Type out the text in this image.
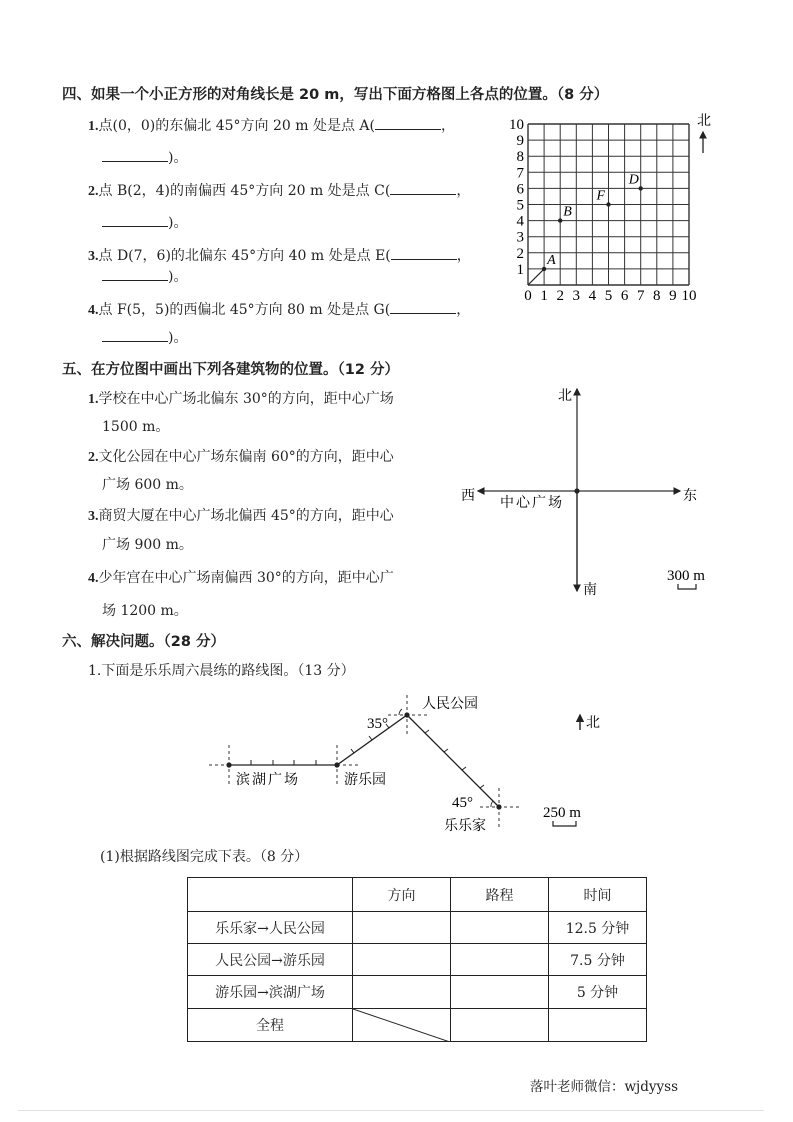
四、如果一个小正方形的对角线长是 20 m，写出下面方格图上各点的位置。（8 分）
1.点(0，0)的东偏北 45°方向 20 m 处是点 A(	，
)。
2.点 B(2，4)的南偏西 45°方向 20 m 处是点 C(	，
)。
3.点 D(7，6)的北偏东 45°方向 40 m 处是点 E(	，
)。
4.点 F(5，5)的西偏北 45°方向 80 m 处是点 G(	，
)。
0 1 2 3 4 5 6 7 8 9 10
1
2
3
4
5
6
7
8
9
10
A
B
F
D
北
五、在方位图中画出下列各建筑物的位置。（12 分）
1.学校在中心广场北偏东 30°的方向，距中心广场
1500 m。
2.文化公园在中心广场东偏南 60°的方向，距中心
广场 600 m。
3.商贸大厦在中心广场北偏西 45°的方向，距中心
广场 900 m。
4.少年宫在中心广场南偏西 30°的方向，距中心广
场 1200 m。
北
南
东
西 中心广场
300 m
六、解决问题。（28 分）
1.下面是乐乐周六晨练的路线图。（13 分）
滨湖广场	游乐园
人民公园
乐乐家
35°
45°
北
250 m
(1)根据路线图完成下表。（8 分）
	方向	路程	时间
乐乐家→人民公园			12.5 分钟
人民公园→游乐园			7.5 分钟
游乐园→滨湖广场			5 分钟
全程	

落叶老师微信：wjdyyss
